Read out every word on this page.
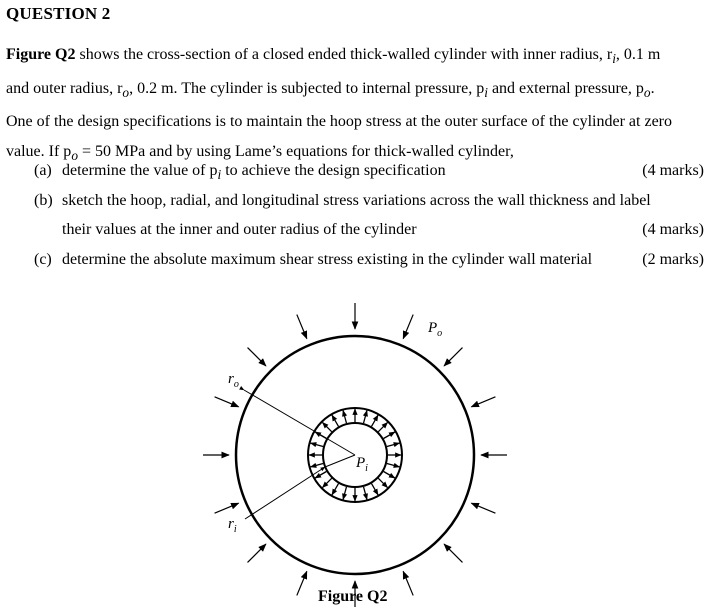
QUESTION 2

Figure Q2 shows the cross-section of a closed ended thick-walled cylinder with inner radius, $r_i$, 0.1 m

and outer radius, $r_o$, 0.2 m. The cylinder is subjected to internal pressure, $p_i$ and external pressure, $p_o$.

One of the design specifications is to maintain the hoop stress at the outer surface of the cylinder at zero

value. If $p_o = 50$ MPa and by using Lame’s equations for thick-walled cylinder,

(a) determine the value of $p_i$ to achieve the design specification	(4 marks)
(b) sketch the hoop, radial, and longitudinal stress variations across the wall thickness and label
their values at the inner and outer radius of the cylinder	(4 marks)
(c) determine the absolute maximum shear stress existing in the cylinder wall material	(2 marks)
$P_o$
$P_i$
$r_o$
$r_i$
Figure Q2
